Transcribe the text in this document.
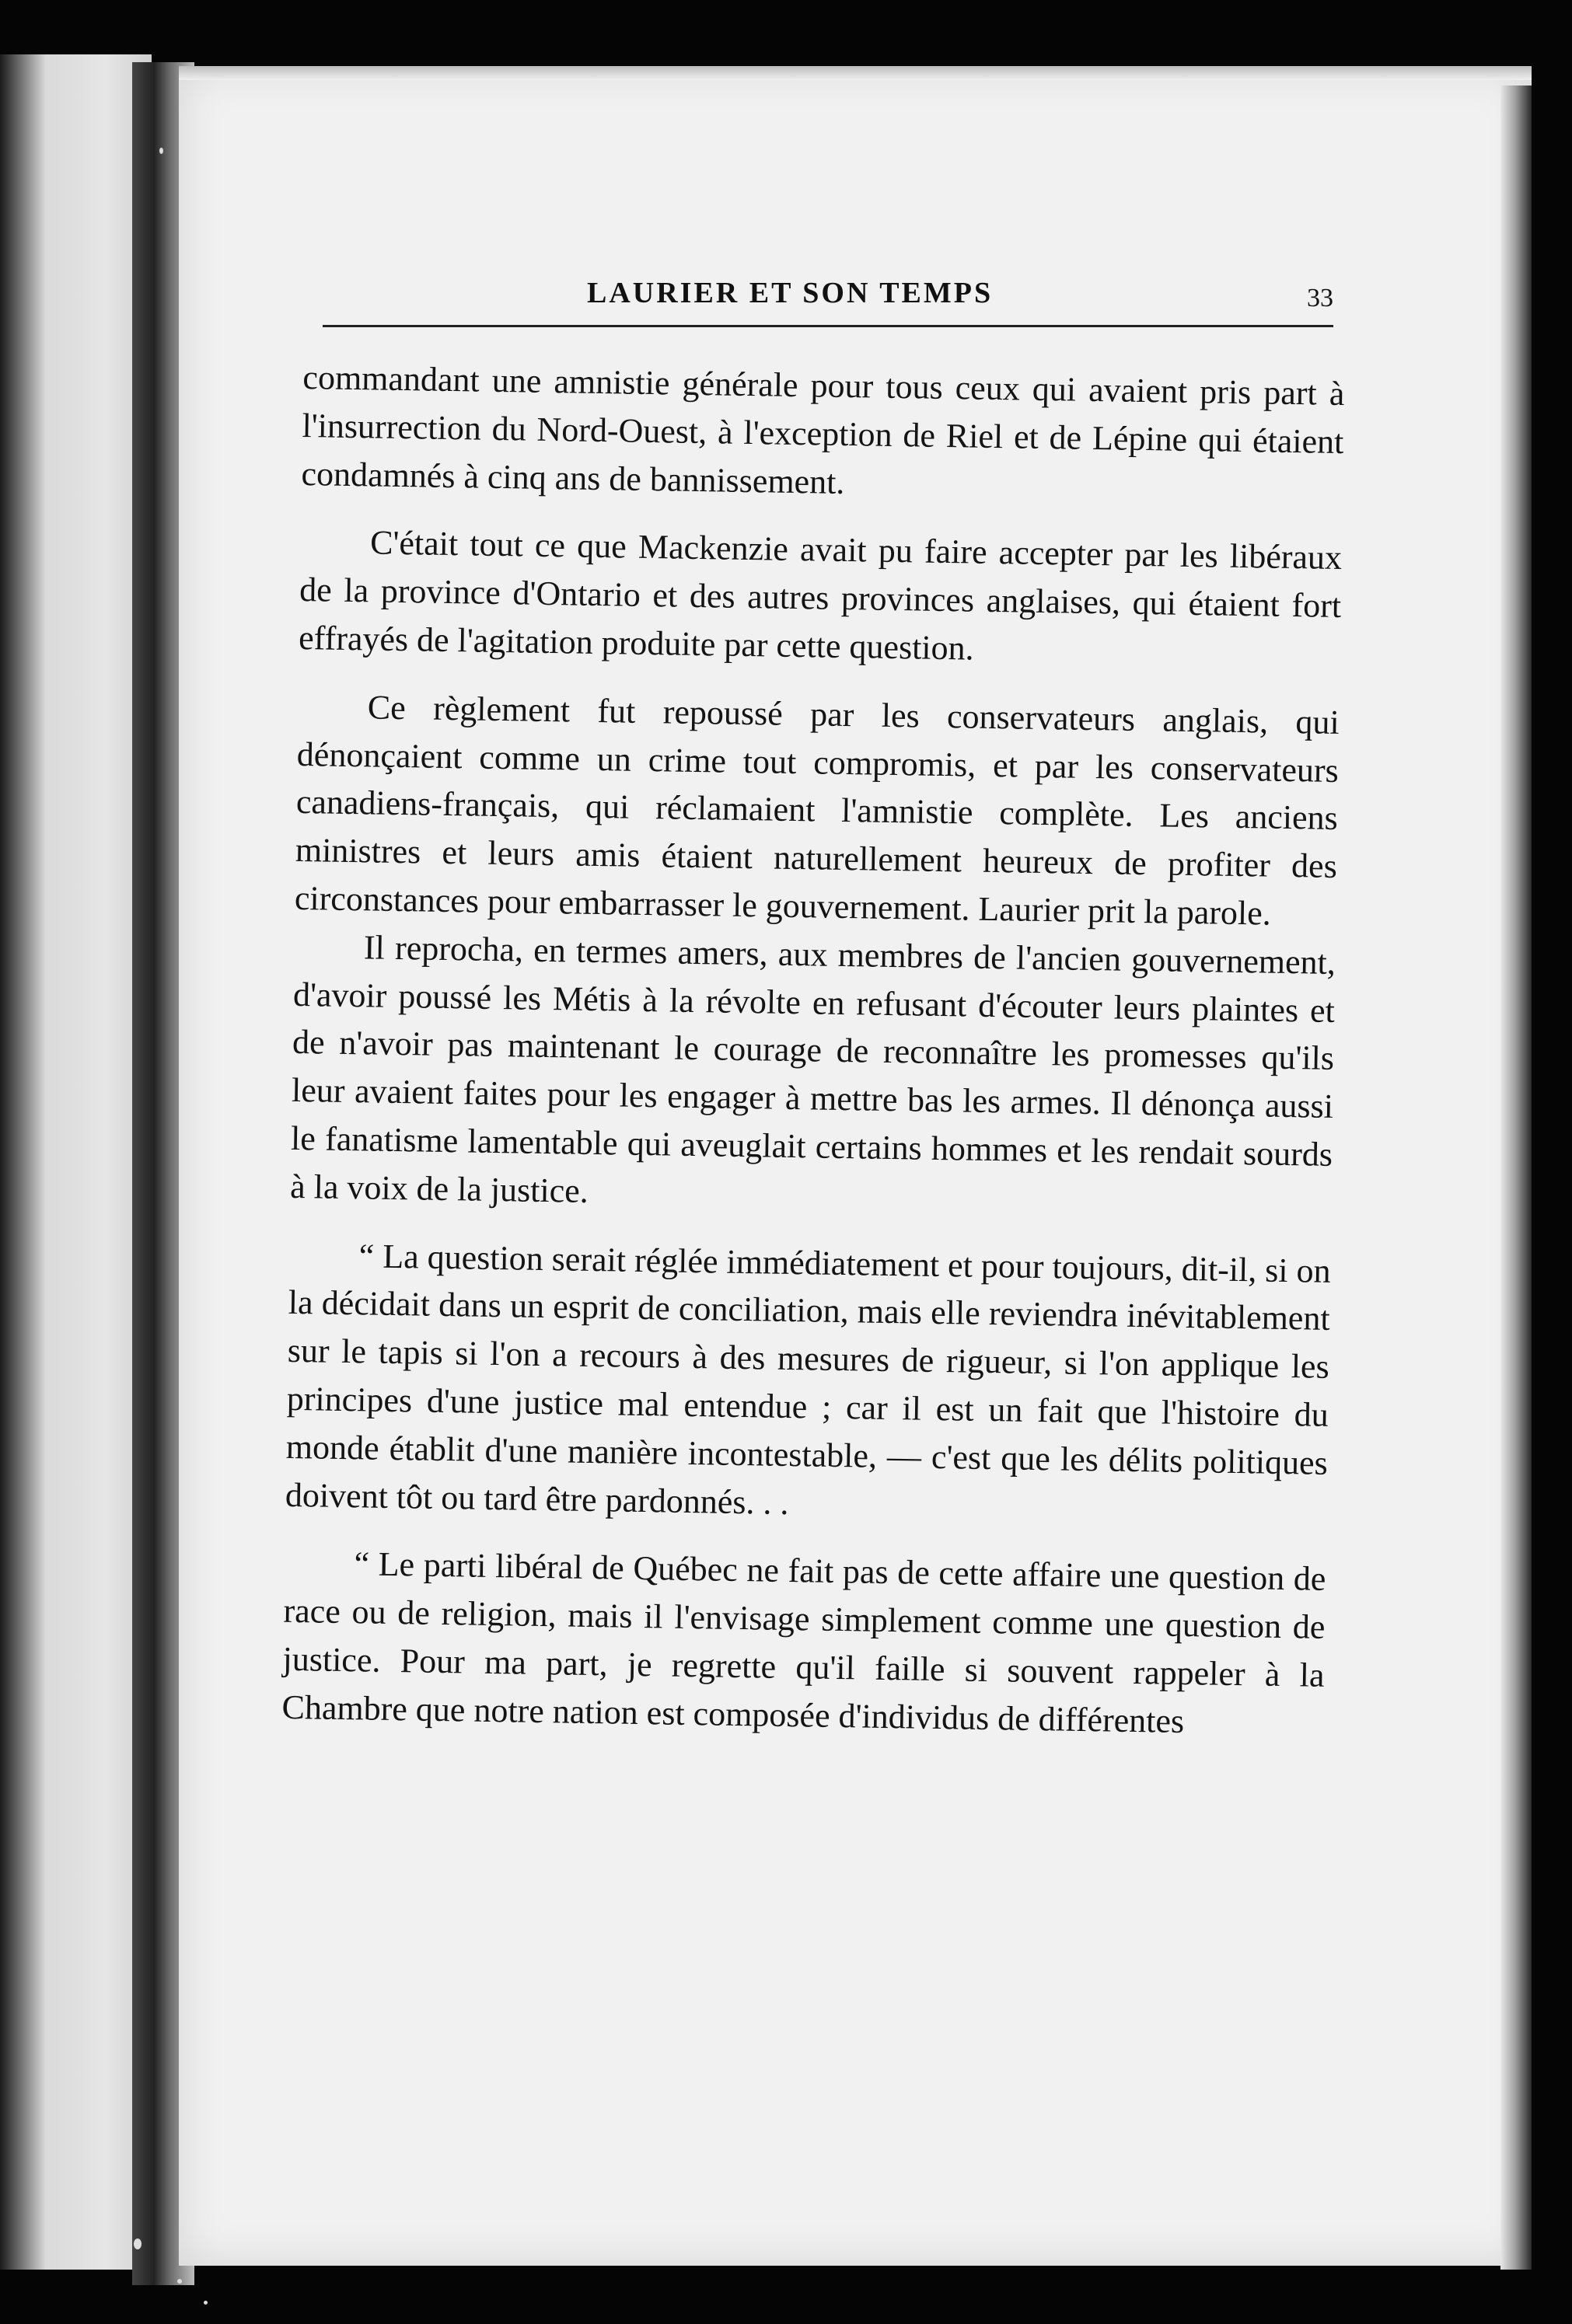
LAURIER ET SON TEMPS	33

commandant une amnistie générale pour tous ceux qui avaient pris part à l'insurrection du Nord-Ouest, à l'exception de Riel et de Lépine qui étaient condamnés à cinq ans de bannissement.

C'était tout ce que Mackenzie avait pu faire accepter par les libéraux de la province d'Ontario et des autres provinces anglaises, qui étaient fort effrayés de l'agitation produite par cette question.

Ce règlement fut repoussé par les conservateurs anglais, qui dénonçaient comme un crime tout compromis, et par les conservateurs canadiens-français, qui réclamaient l'amnistie complète. Les anciens ministres et leurs amis étaient naturellement heureux de profiter des circonstances pour embarrasser le gouvernement. Laurier prit la parole.

Il reprocha, en termes amers, aux membres de l'ancien gouvernement, d'avoir poussé les Métis à la révolte en refusant d'écouter leurs plaintes et de n'avoir pas maintenant le courage de reconnaître les promesses qu'ils leur avaient faites pour les engager à mettre bas les armes. Il dénonça aussi le fanatisme lamentable qui aveuglait certains hommes et les rendait sourds à la voix de la justice.

“ La question serait réglée immédiatement et pour toujours, dit-il, si on la décidait dans un esprit de conciliation, mais elle reviendra inévitablement sur le tapis si l'on a recours à des mesures de rigueur, si l'on applique les principes d'une justice mal entendue ; car il est un fait que l'histoire du monde établit d'une manière incontestable, — c'est que les délits politiques doivent tôt ou tard être pardonnés. . .

“ Le parti libéral de Québec ne fait pas de cette affaire une question de race ou de religion, mais il l'envisage simplement comme une question de justice. Pour ma part, je regrette qu'il faille si souvent rappeler à la Chambre que notre nation est composée d'individus de différentes
